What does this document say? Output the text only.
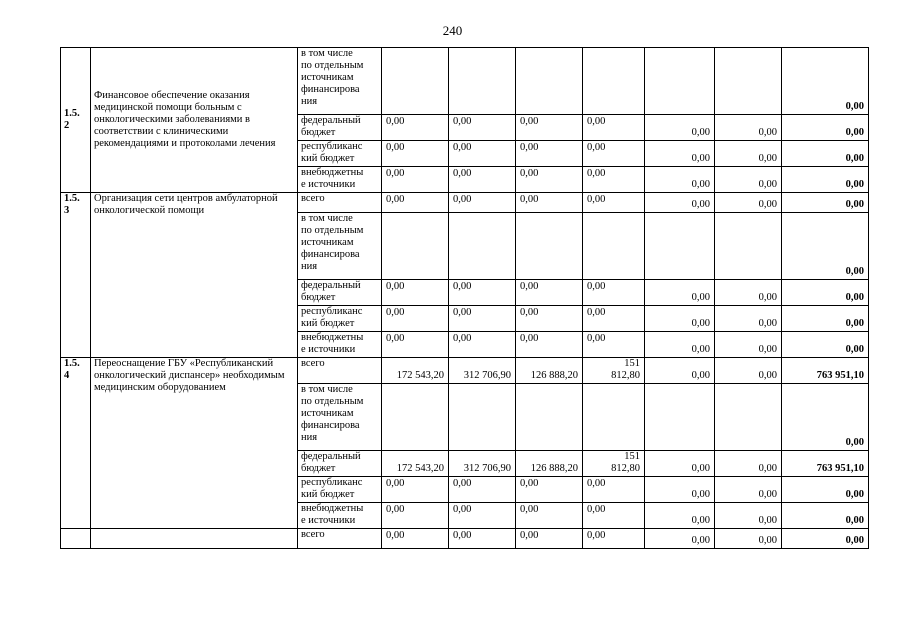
240
1.5.
2	Финансовое обеспечение оказания медицинской помощи больным с онкологическими заболеваниями в соответствии с клиническими рекомендациями и протоколами лечения	в том числе
по отдельным
источникам
финансирова
ния							0,00

		федеральный
бюджет	0,00	0,00	0,00	0,00	0,00	0,00	0,00

		республиканс
кий бюджет	0,00	0,00	0,00	0,00	0,00	0,00	0,00

		внебюджетны
е источники	0,00	0,00	0,00	0,00	0,00	0,00	0,00

1.5.
3	Организация сети центров амбулаторной онкологической помощи	всего	0,00	0,00	0,00	0,00	0,00	0,00	0,00

		в том числе
по отдельным
источникам
финансирова
ния							0,00

		федеральный
бюджет	0,00	0,00	0,00	0,00	0,00	0,00	0,00

		республиканс
кий бюджет	0,00	0,00	0,00	0,00	0,00	0,00	0,00

		внебюджетны
е источники	0,00	0,00	0,00	0,00	0,00	0,00	0,00

1.5.
4	Переоснащение ГБУ «Республиканский онкологический диспансер» необходимым медицинским оборудованием	всего	172 543,20	312 706,90	126 888,20	151
812,80	0,00	0,00	763 951,10

		в том числе
по отдельным
источникам
финансирова
ния							0,00

		федеральный
бюджет	172 543,20	312 706,90	126 888,20	151
812,80	0,00	0,00	763 951,10

		республиканс
кий бюджет	0,00	0,00	0,00	0,00	0,00	0,00	0,00

		внебюджетны
е источники	0,00	0,00	0,00	0,00	0,00	0,00	0,00

		всего	0,00	0,00	0,00	0,00	0,00	0,00	0,00
